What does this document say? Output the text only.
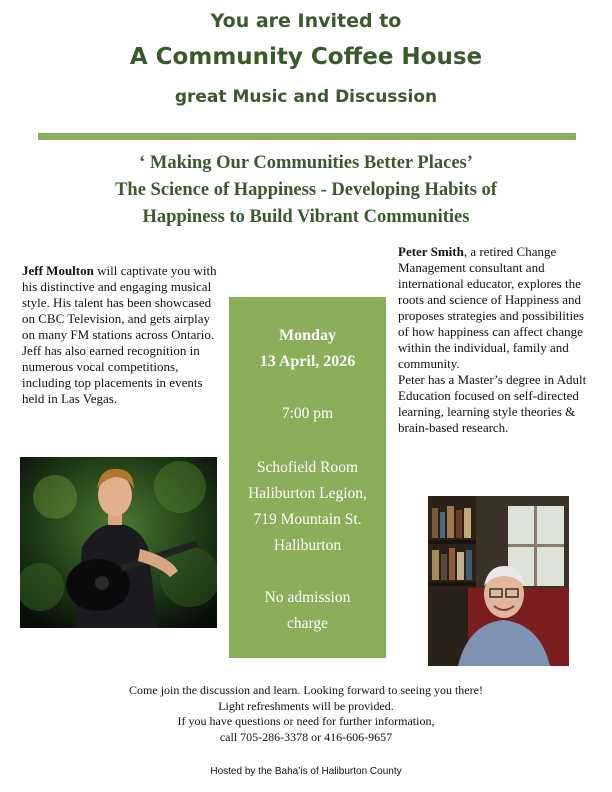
You are Invited to
A Community Coffee House
great Music and Discussion
‘ Making Our Communities Better Places’
The Science of Happiness - Developing Habits of
Happiness to Build Vibrant Communities
Jeff Moulton will captivate you with his distinctive and engaging musical style. His talent has been showcased on CBC Television, and gets airplay on many FM stations across Ontario. Jeff has also earned recognition in numerous vocal competitions, including top placements in events held in Las Vegas.
Monday
13 April, 2026
7:00 pm
Schofield Room
Haliburton Legion,
719 Mountain St.
Haliburton
No admission
charge
Peter Smith, a retired Change Management consultant and international educator, explores the roots and science of Happiness and proposes strategies and possibilities of how happiness can affect change within the individual, family and community.
Peter has a Master’s degree in Adult Education focused on self-directed learning, learning style theories & brain-based research.
Come join the discussion and learn. Looking forward to seeing you there!
Light refreshments will be provided.
If you have questions or need for further information,
call 705-286-3378 or 416-606-9657
Hosted by the Baha’is of Haliburton County
